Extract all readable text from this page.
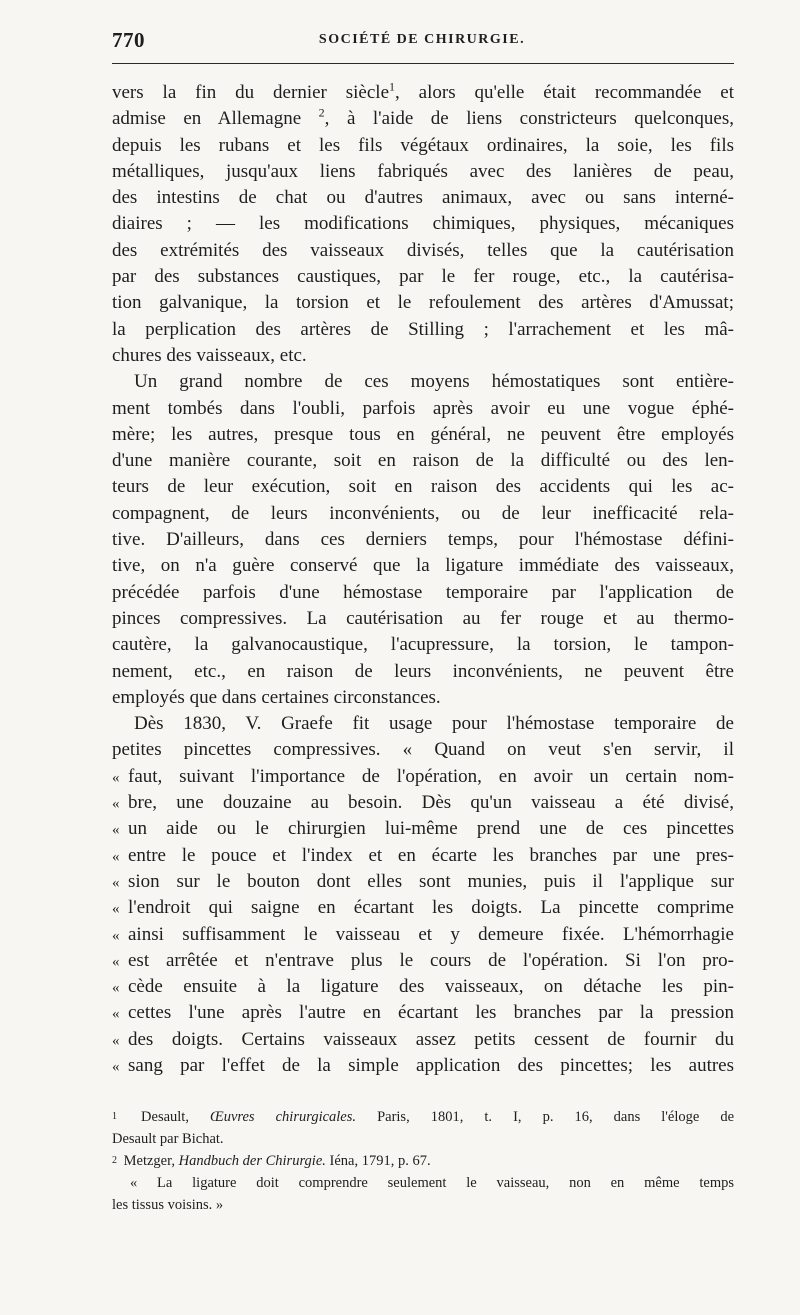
770	SOCIÉTÉ DE CHIRURGIE.
vers la fin du dernier siècle$^1$, alors qu'elle était recommandée et
admise en Allemagne $^2$, à l'aide de liens constricteurs quelconques,
depuis les rubans et les fils végétaux ordinaires, la soie, les fils
métalliques, jusqu'aux liens fabriqués avec des lanières de peau,
des intestins de chat ou d'autres animaux, avec ou sans interné-
diaires ; — les modifications chimiques, physiques, mécaniques
des extrémités des vaisseaux divisés, telles que la cautérisation
par des substances caustiques, par le fer rouge, etc., la cautérisa-
tion galvanique, la torsion et le refoulement des artères d'Amussat;
la perplication des artères de Stilling ; l'arrachement et les mâ-
chures des vaisseaux, etc.
Un grand nombre de ces moyens hémostatiques sont entière-
ment tombés dans l'oubli, parfois après avoir eu une vogue éphé-
mère; les autres, presque tous en général, ne peuvent être employés
d'une manière courante, soit en raison de la difficulté ou des len-
teurs de leur exécution, soit en raison des accidents qui les ac-
compagnent, de leurs inconvénients, ou de leur inefficacité rela-
tive. D'ailleurs, dans ces derniers temps, pour l'hémostase défini-
tive, on n'a guère conservé que la ligature immédiate des vaisseaux,
précédée parfois d'une hémostase temporaire par l'application de
pinces compressives. La cautérisation au fer rouge et au thermo-
cautère, la galvanocaustique, l'acupressure, la torsion, le tampon-
nement, etc., en raison de leurs inconvénients, ne peuvent être
employés que dans certaines circonstances.
Dès 1830, V. Graefe fit usage pour l'hémostase temporaire de
petites pincettes compressives. « Quand on veut s'en servir, il
« faut, suivant l'importance de l'opération, en avoir un certain nom-
« bre, une douzaine au besoin. Dès qu'un vaisseau a été divisé,
« un aide ou le chirurgien lui-même prend une de ces pincettes
« entre le pouce et l'index et en écarte les branches par une pres-
« sion sur le bouton dont elles sont munies, puis il l'applique sur
« l'endroit qui saigne en écartant les doigts. La pincette comprime
« ainsi suffisamment le vaisseau et y demeure fixée. L'hémorrhagie
« est arrêtée et n'entrave plus le cours de l'opération. Si l'on pro-
« cède ensuite à la ligature des vaisseaux, on détache les pin-
« cettes l'une après l'autre en écartant les branches par la pression
« des doigts. Certains vaisseaux assez petits cessent de fournir du
« sang par l'effet de la simple application des pincettes; les autres
1 Desault, Œuvres chirurgicales. Paris, 1801, t. I, p. 16, dans l'éloge de
Desault par Bichat.
2 Metzger, Handbuch der Chirurgie. Iéna, 1791, p. 67.
« La ligature doit comprendre seulement le vaisseau, non en même temps
les tissus voisins. »
